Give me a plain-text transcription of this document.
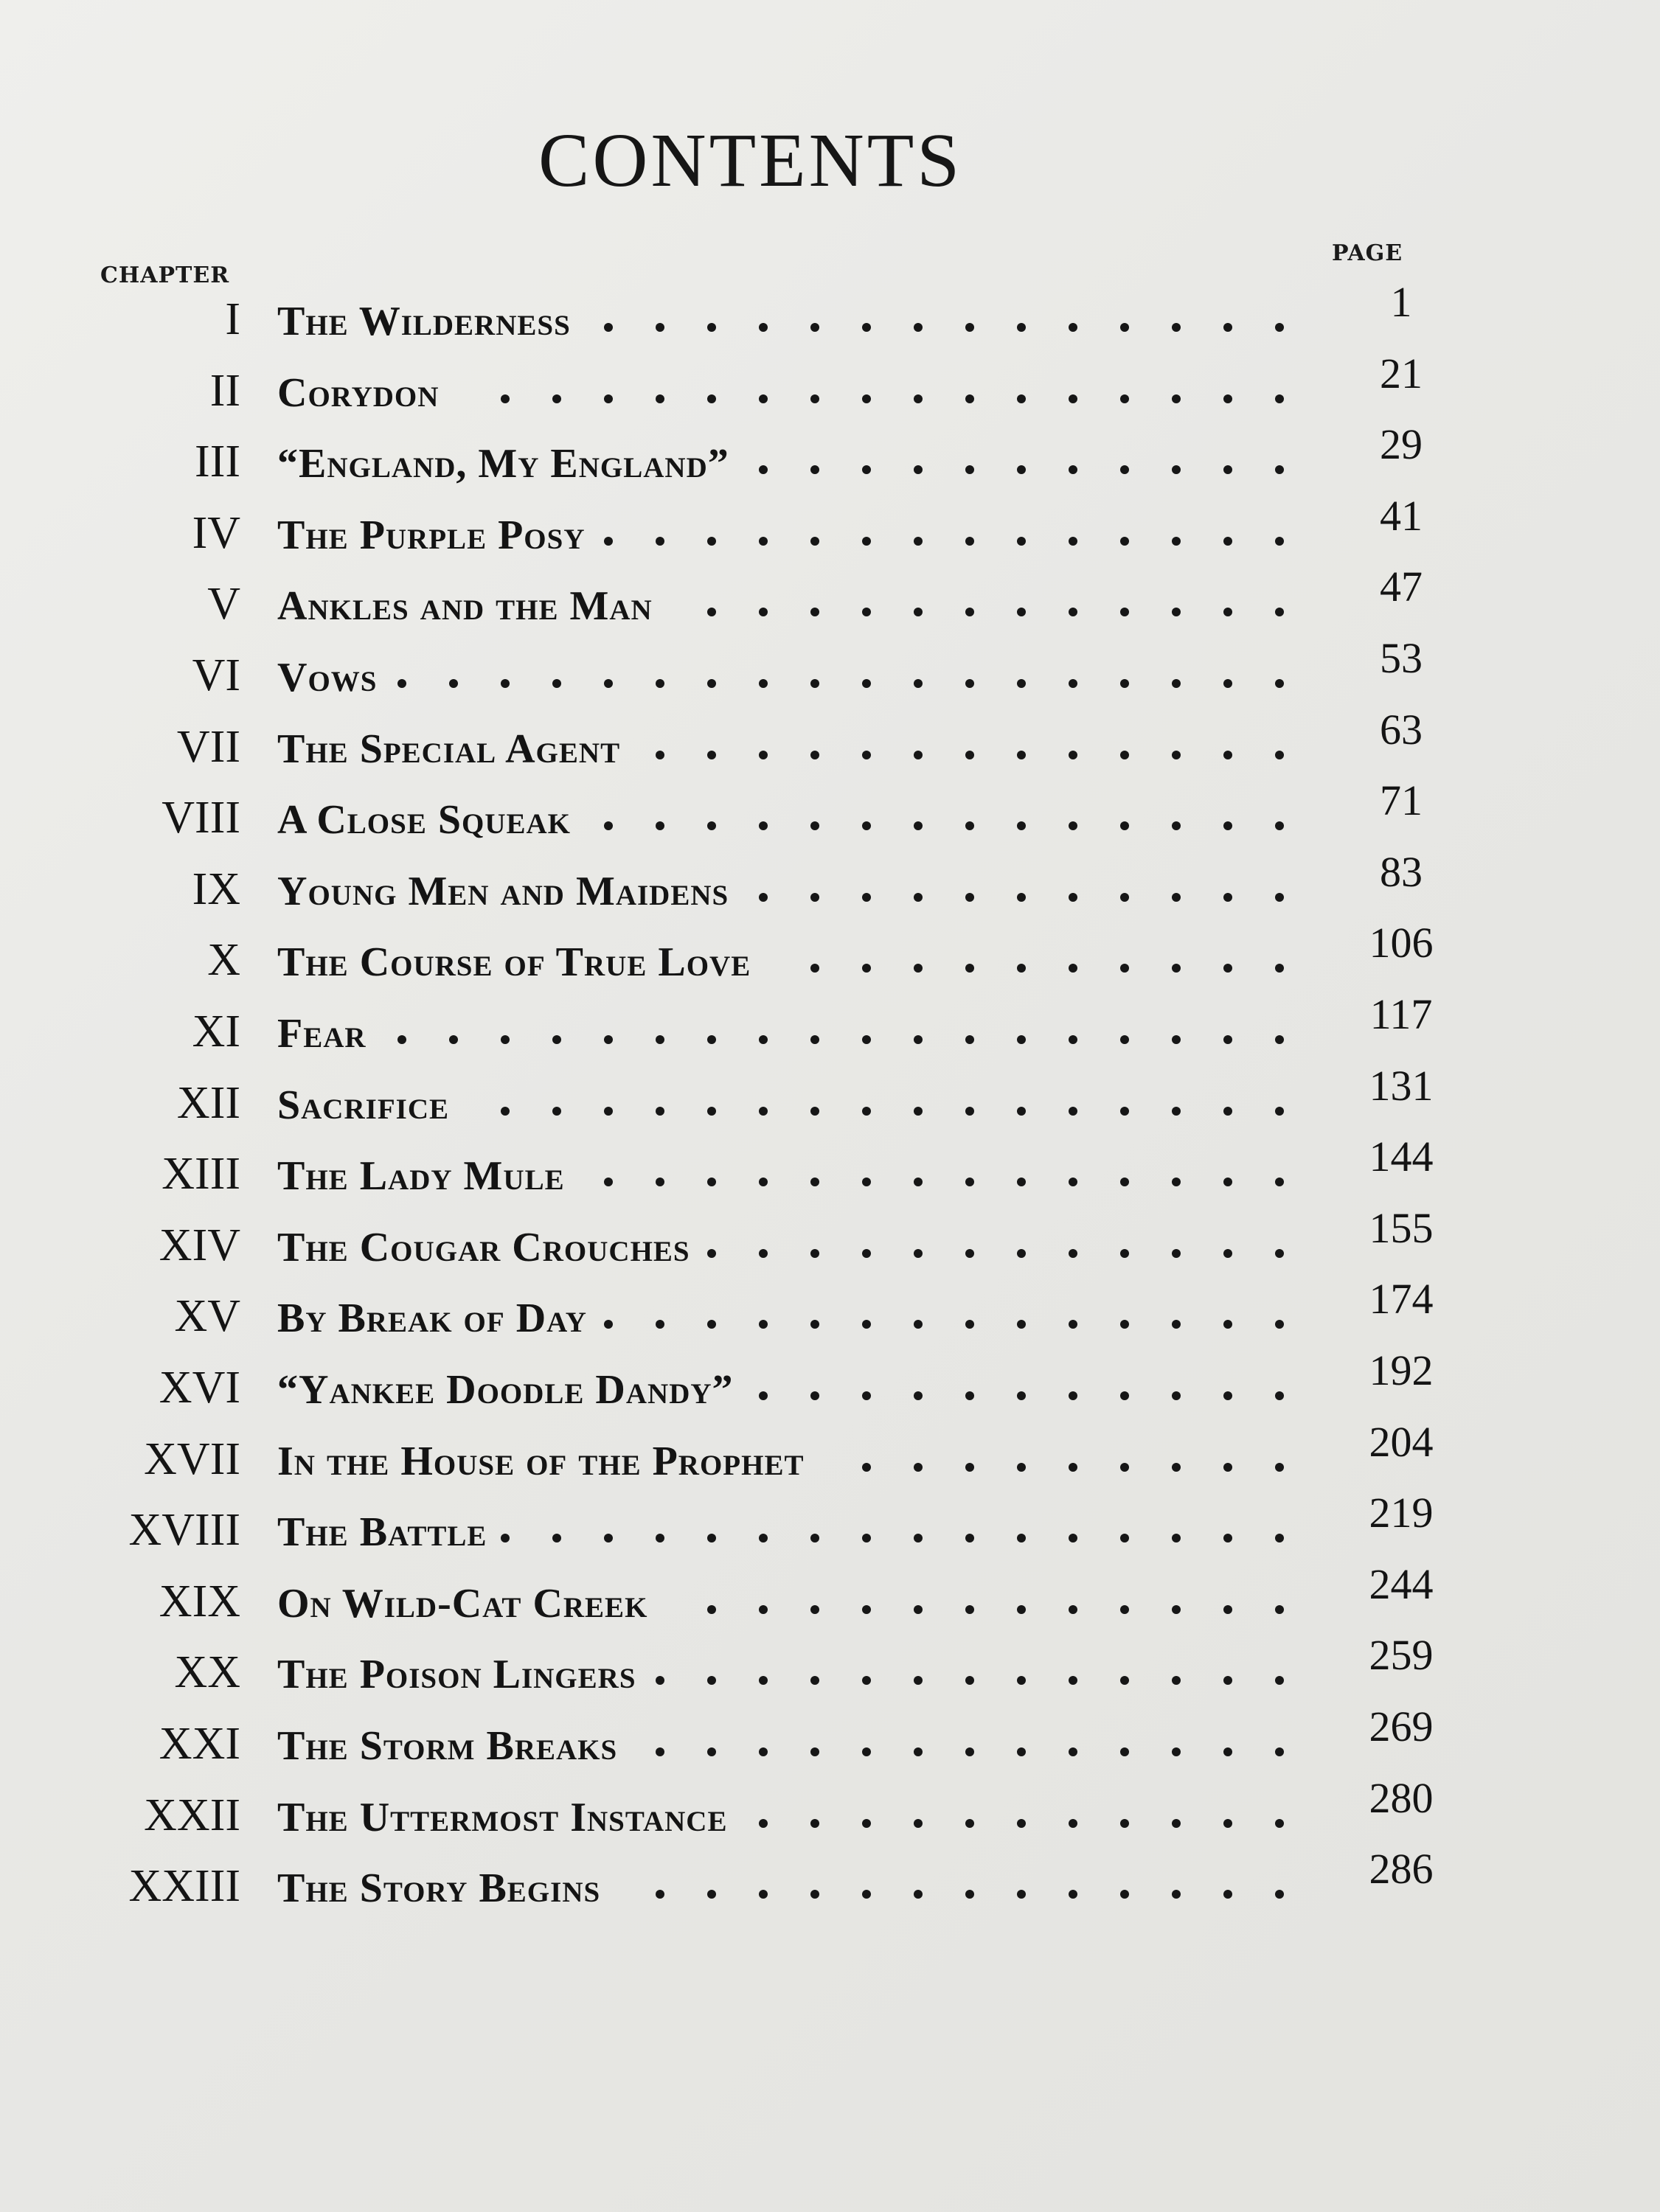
CONTENTS
CHAPTER
PAGE
I The Wilderness	1
II Corydon	21
III “England, My England”	29
IV The Purple Posy	41
V Ankles and the Man	47
VI Vows	53
VII The Special Agent	63
VIII A Close Squeak	71
IX Young Men and Maidens	83
X The Course of True Love	106
XI Fear	117
XII Sacrifice	131
XIII The Lady Mule	144
XIV The Cougar Crouches	155
XV By Break of Day	174
XVI “Yankee Doodle Dandy”	192
XVII In the House of the Prophet	204
XVIII The Battle	219
XIX On Wild-Cat Creek	244
XX The Poison Lingers	259
XXI The Storm Breaks	269
XXII The Uttermost Instance	280
XXIII The Story Begins	286
